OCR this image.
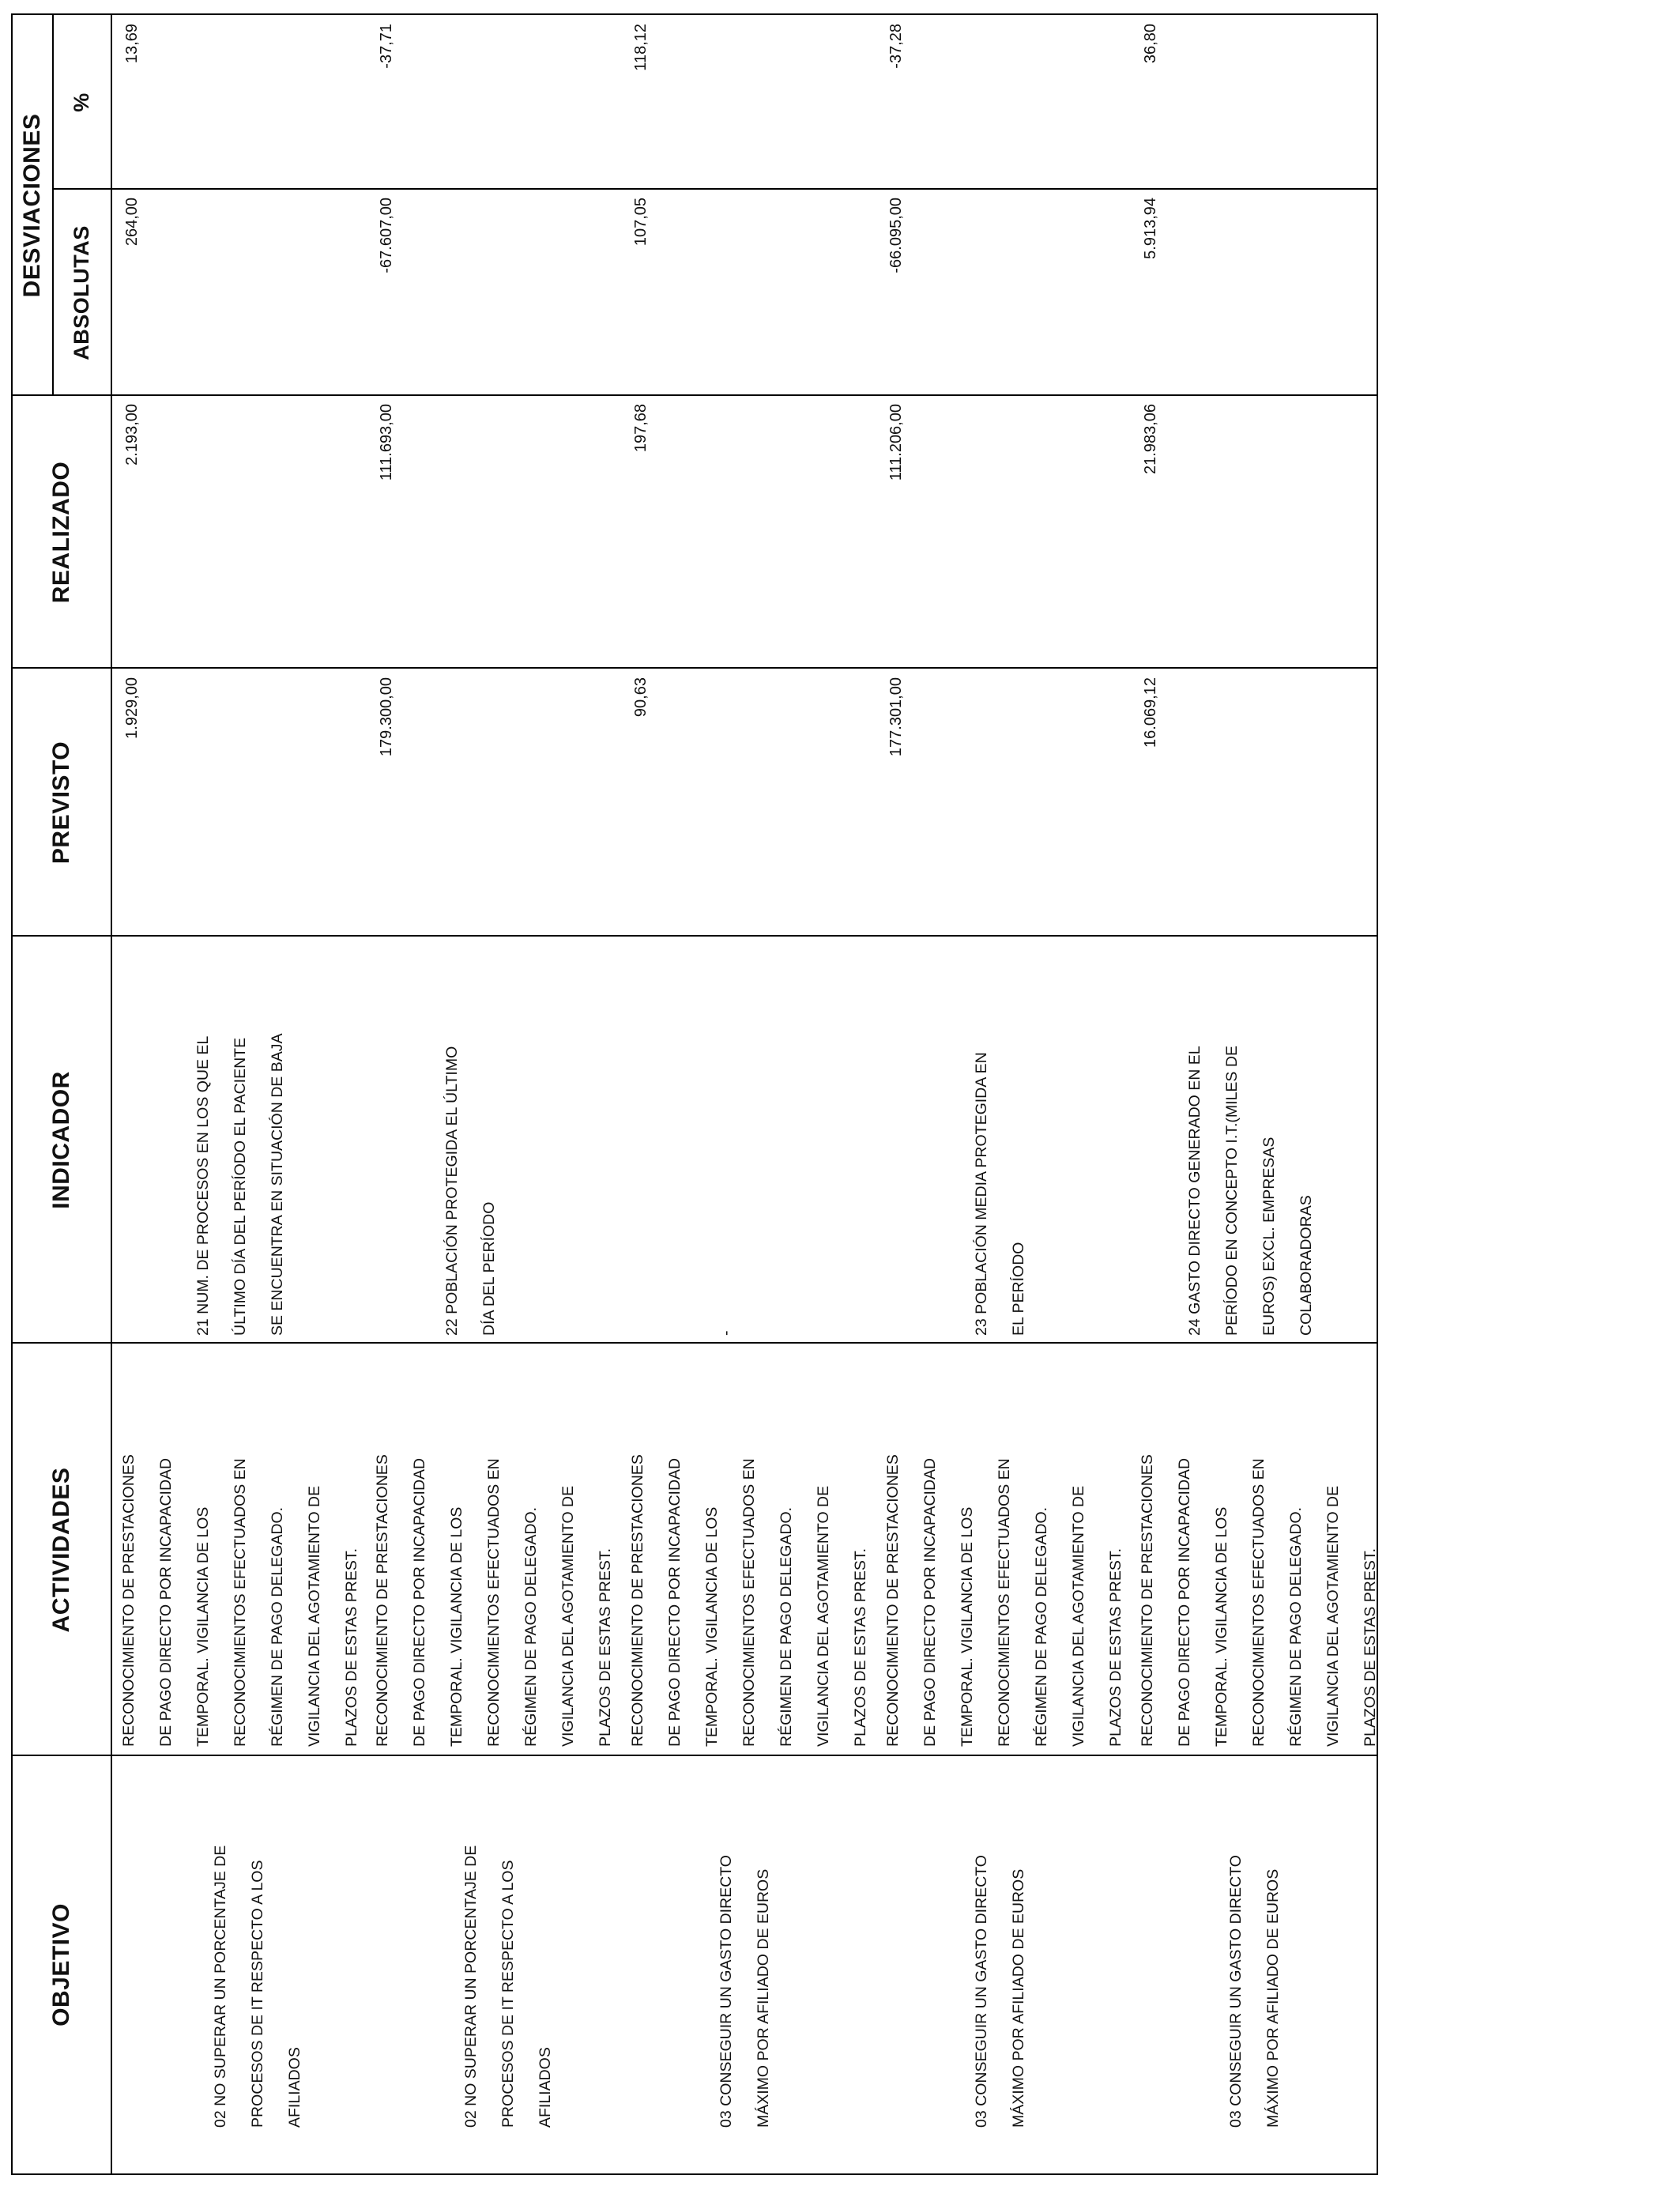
OBJETIVO
ACTIVIDADES
INDICADOR
PREVISTO
REALIZADO
DESVIACIONES	ABSOLUTAS
%
02 NO SUPERAR UN PORCENTAJE DE
PROCESOS DE IT RESPECTO A LOS
AFILIADOS
RECONOCIMIENTO DE PRESTACIONES
DE PAGO DIRECTO POR INCAPACIDAD
TEMPORAL. VIGILANCIA DE LOS
RECONOCIMIENTOS EFECTUADOS EN
RÉGIMEN DE PAGO DELEGADO.
VIGILANCIA DEL AGOTAMIENTO DE
PLAZOS DE ESTAS PREST.
21 NUM. DE PROCESOS EN LOS QUE EL
ÚLTIMO DÍA DEL PERÍODO EL PACIENTE
SE ENCUENTRA EN SITUACIÓN DE BAJA
1.929,00
2.193,00
264,00
13,69
02 NO SUPERAR UN PORCENTAJE DE
PROCESOS DE IT RESPECTO A LOS
AFILIADOS
RECONOCIMIENTO DE PRESTACIONES
DE PAGO DIRECTO POR INCAPACIDAD
TEMPORAL. VIGILANCIA DE LOS
RECONOCIMIENTOS EFECTUADOS EN
RÉGIMEN DE PAGO DELEGADO.
VIGILANCIA DEL AGOTAMIENTO DE
PLAZOS DE ESTAS PREST.
22 POBLACIÓN PROTEGIDA EL ÚLTIMO
DÍA DEL PERÍODO
179.300,00
111.693,00
-67.607,00
-37,71
03 CONSEGUIR UN GASTO DIRECTO
MÁXIMO POR AFILIADO DE EUROS
RECONOCIMIENTO DE PRESTACIONES
DE PAGO DIRECTO POR INCAPACIDAD
TEMPORAL. VIGILANCIA DE LOS
RECONOCIMIENTOS EFECTUADOS EN
RÉGIMEN DE PAGO DELEGADO.
VIGILANCIA DEL AGOTAMIENTO DE
PLAZOS DE ESTAS PREST.
-
90,63
197,68
107,05
118,12
03 CONSEGUIR UN GASTO DIRECTO
MÁXIMO POR AFILIADO DE EUROS
RECONOCIMIENTO DE PRESTACIONES
DE PAGO DIRECTO POR INCAPACIDAD
TEMPORAL. VIGILANCIA DE LOS
RECONOCIMIENTOS EFECTUADOS EN
RÉGIMEN DE PAGO DELEGADO.
VIGILANCIA DEL AGOTAMIENTO DE
PLAZOS DE ESTAS PREST.
23 POBLACIÓN MEDIA PROTEGIDA EN
EL PERÍODO
177.301,00
111.206,00
-66.095,00
-37,28
03 CONSEGUIR UN GASTO DIRECTO
MÁXIMO POR AFILIADO DE EUROS
RECONOCIMIENTO DE PRESTACIONES
DE PAGO DIRECTO POR INCAPACIDAD
TEMPORAL. VIGILANCIA DE LOS
RECONOCIMIENTOS EFECTUADOS EN
RÉGIMEN DE PAGO DELEGADO.
VIGILANCIA DEL AGOTAMIENTO DE
PLAZOS DE ESTAS PREST.
24 GASTO DIRECTO GENERADO EN EL
PERÍODO EN CONCEPTO I.T.(MILES DE
EUROS) EXCL. EMPRESAS
COLABORADORAS
16.069,12
21.983,06
5.913,94
36,80
